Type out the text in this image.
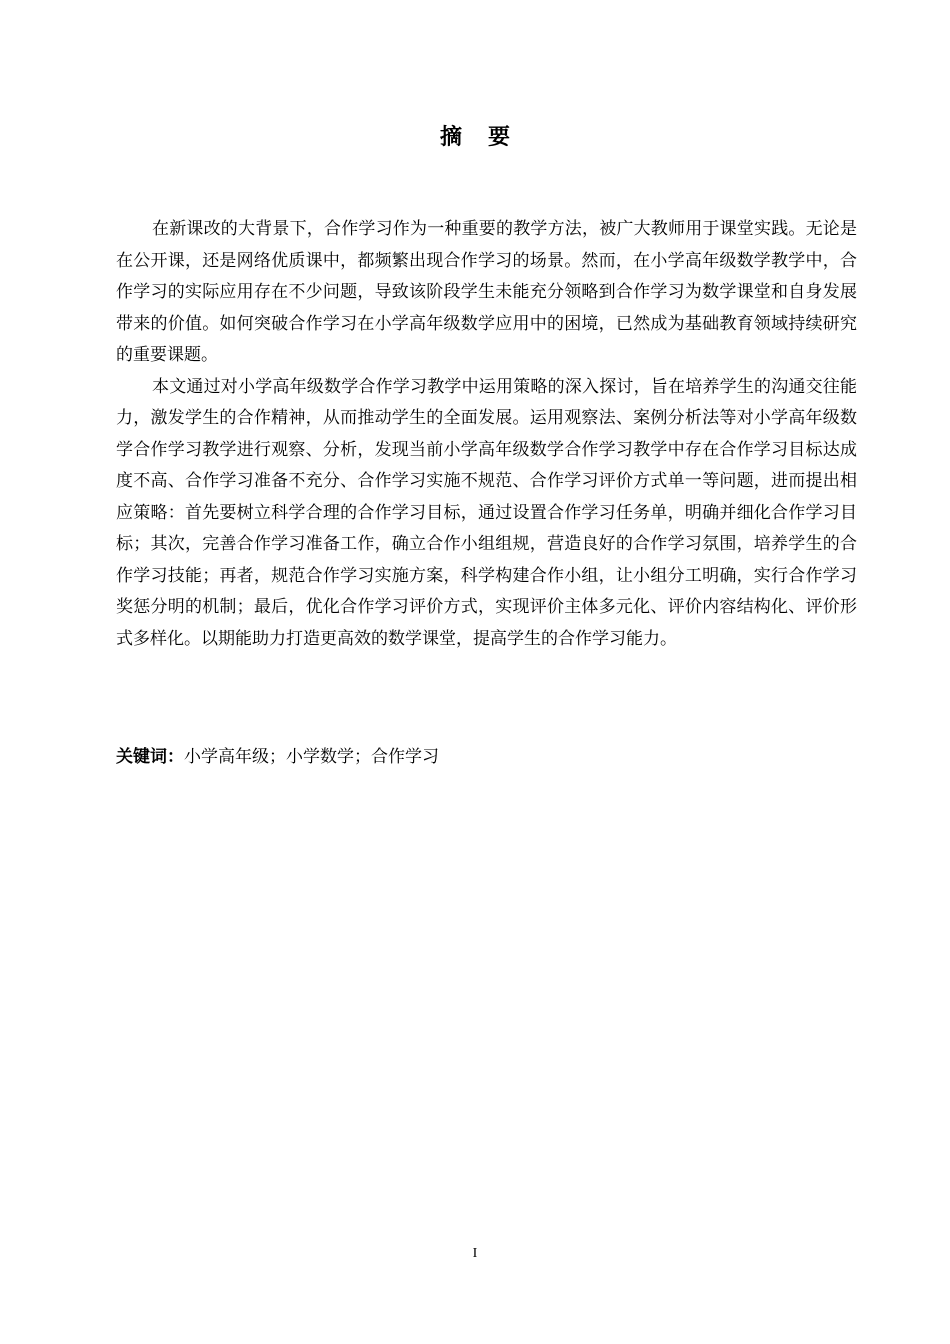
摘要

在新课改的大背景下，合作学习作为一种重要的教学方法，被广大教师用于课堂实践。无论是在公开课，还是网络优质课中，都频繁出现合作学习的场景。然而，在小学高年级数学教学中，合作学习的实际应用存在不少问题，导致该阶段学生未能充分领略到合作学习为数学课堂和自身发展带来的价值。如何突破合作学习在小学高年级数学应用中的困境，已然成为基础教育领域持续研究的重要课题。

本文通过对小学高年级数学合作学习教学中运用策略的深入探讨，旨在培养学生的沟通交往能力，激发学生的合作精神，从而推动学生的全面发展。运用观察法、案例分析法等对小学高年级数学合作学习教学进行观察、分析，发现当前小学高年级数学合作学习教学中存在合作学习目标达成度不高、合作学习准备不充分、合作学习实施不规范、合作学习评价方式单一等问题，进而提出相应策略：首先要树立科学合理的合作学习目标，通过设置合作学习任务单，明确并细化合作学习目标；其次，完善合作学习准备工作，确立合作小组组规，营造良好的合作学习氛围，培养学生的合作学习技能；再者，规范合作学习实施方案，科学构建合作小组，让小组分工明确，实行合作学习奖惩分明的机制；最后，优化合作学习评价方式，实现评价主体多元化、评价内容结构化、评价形式多样化。以期能助力打造更高效的数学课堂，提高学生的合作学习能力。

关键词：小学高年级；小学数学；合作学习
I
